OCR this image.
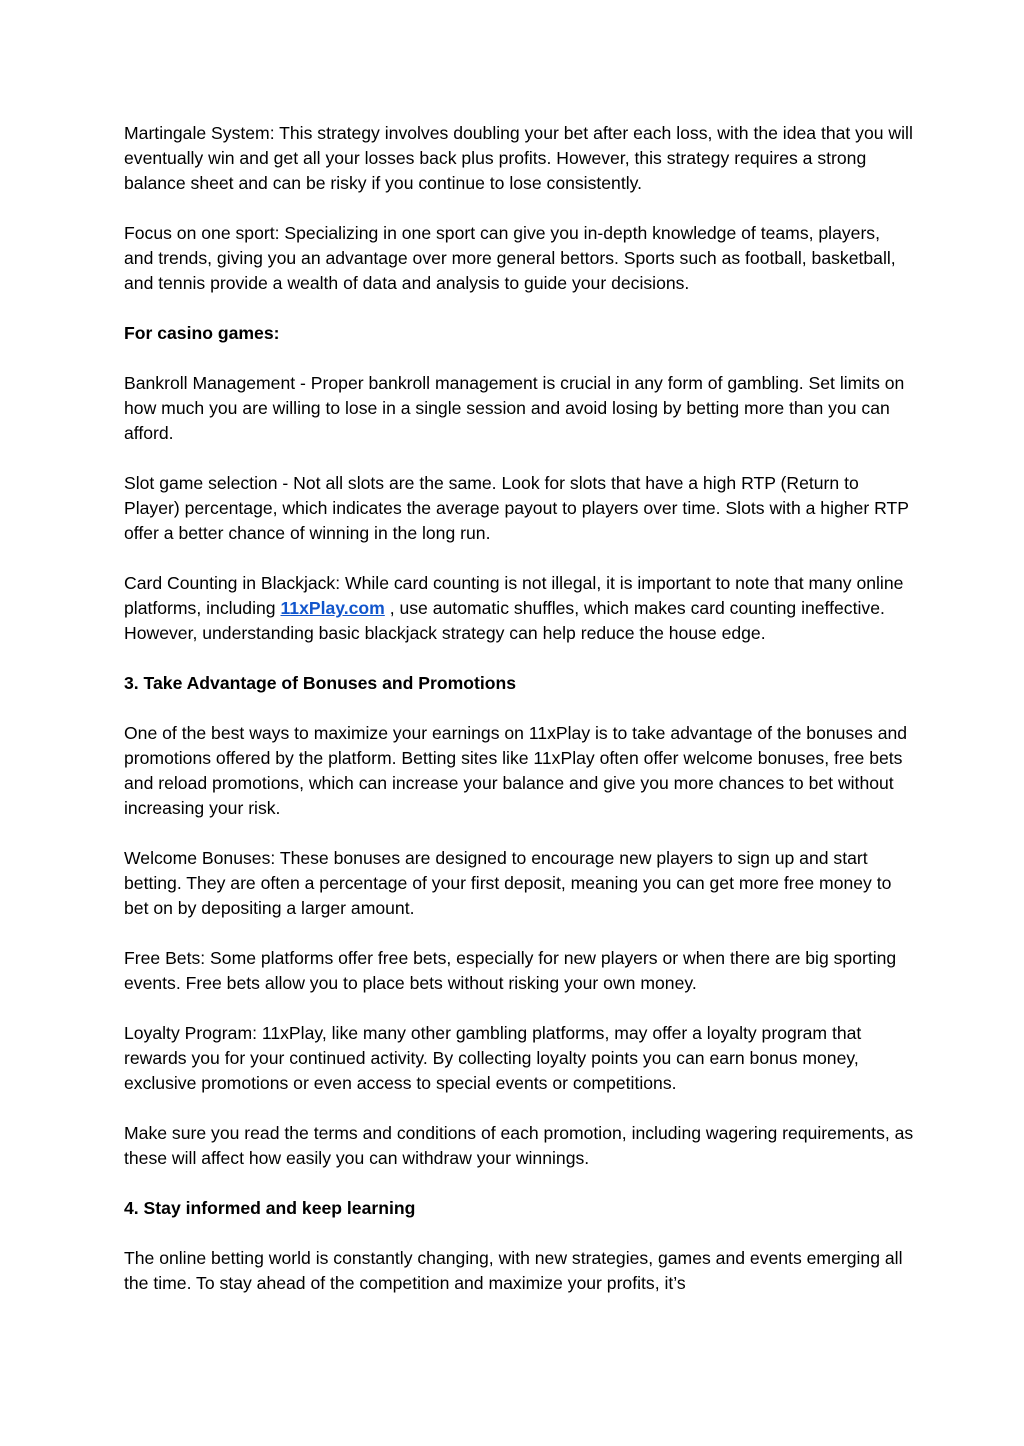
Martingale System: This strategy involves doubling your bet after each loss, with the idea that you will eventually win and get all your losses back plus profits. However, this strategy requires a strong balance sheet and can be risky if you continue to lose consistently.

Focus on one sport: Specializing in one sport can give you in-depth knowledge of teams, players, and trends, giving you an advantage over more general bettors. Sports such as football, basketball, and tennis provide a wealth of data and analysis to guide your decisions.

For casino games:

Bankroll Management - Proper bankroll management is crucial in any form of gambling. Set limits on how much you are willing to lose in a single session and avoid losing by betting more than you can afford.

Slot game selection - Not all slots are the same. Look for slots that have a high RTP (Return to Player) percentage, which indicates the average payout to players over time. Slots with a higher RTP offer a better chance of winning in the long run.

Card Counting in Blackjack: While card counting is not illegal, it is important to note that many online platforms, including 11xPlay.com , use automatic shuffles, which makes card counting ineffective. However, understanding basic blackjack strategy can help reduce the house edge.

3. Take Advantage of Bonuses and Promotions

One of the best ways to maximize your earnings on 11xPlay is to take advantage of the bonuses and promotions offered by the platform. Betting sites like 11xPlay often offer welcome bonuses, free bets and reload promotions, which can increase your balance and give you more chances to bet without increasing your risk.

Welcome Bonuses: These bonuses are designed to encourage new players to sign up and start betting. They are often a percentage of your first deposit, meaning you can get more free money to bet on by depositing a larger amount.

Free Bets: Some platforms offer free bets, especially for new players or when there are big sporting events. Free bets allow you to place bets without risking your own money.

Loyalty Program: 11xPlay, like many other gambling platforms, may offer a loyalty program that rewards you for your continued activity. By collecting loyalty points you can earn bonus money, exclusive promotions or even access to special events or competitions.

Make sure you read the terms and conditions of each promotion, including wagering requirements, as these will affect how easily you can withdraw your winnings.

4. Stay informed and keep learning

The online betting world is constantly changing, with new strategies, games and events emerging all the time. To stay ahead of the competition and maximize your profits, it’s
